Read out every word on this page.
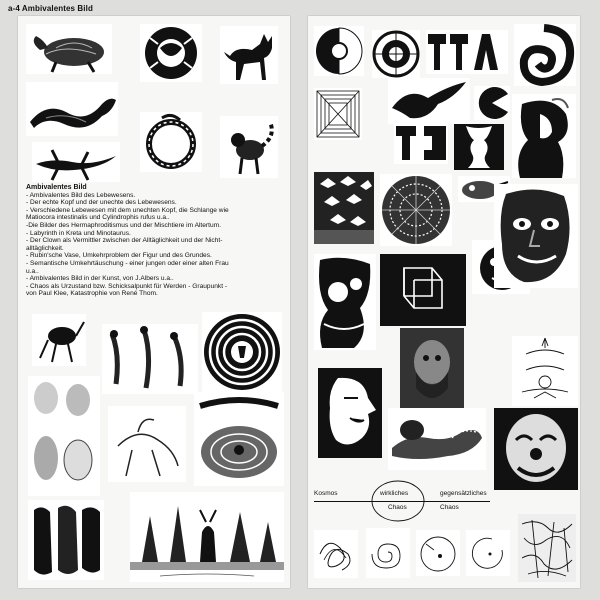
a-4 Ambivalentes Bild
Ambivalentes Bild
- Ambivalentes Bild des Lebewesens.
- Der echte Kopf und der unechte des Lebewesens.
- Verschiedene Lebewesen mit dem unechten Kopf, die Schlange wie
Matiocora intestinalis und Cylindrophis rufus u.a..
-Die Bilder des Hermaphroditismus und der Mischtiere im Altertum.
- Labyrinth in Kreta und Minotaurus.
- Der Clown als Vermittler zwischen der Alltäglichkeit und der Nicht-
alltäglichkeit.
- Rubin'sche Vase, Umkehrproblem der Figur und des Grundes.
- Semantische Umkehrtäuschung - einer jungen oder einer alten Frau
u.a..
- Ambivalentes Bild in der Kunst, von J.Albers u.a..
- Chaos als Urzustand bzw. Schicksalpunkt für Werden - Graupunkt -
von Paul Klee, Katastrophie von René Thom.
Kosmos	wirkliches
Chaos
gegensätzliches
Chaos
